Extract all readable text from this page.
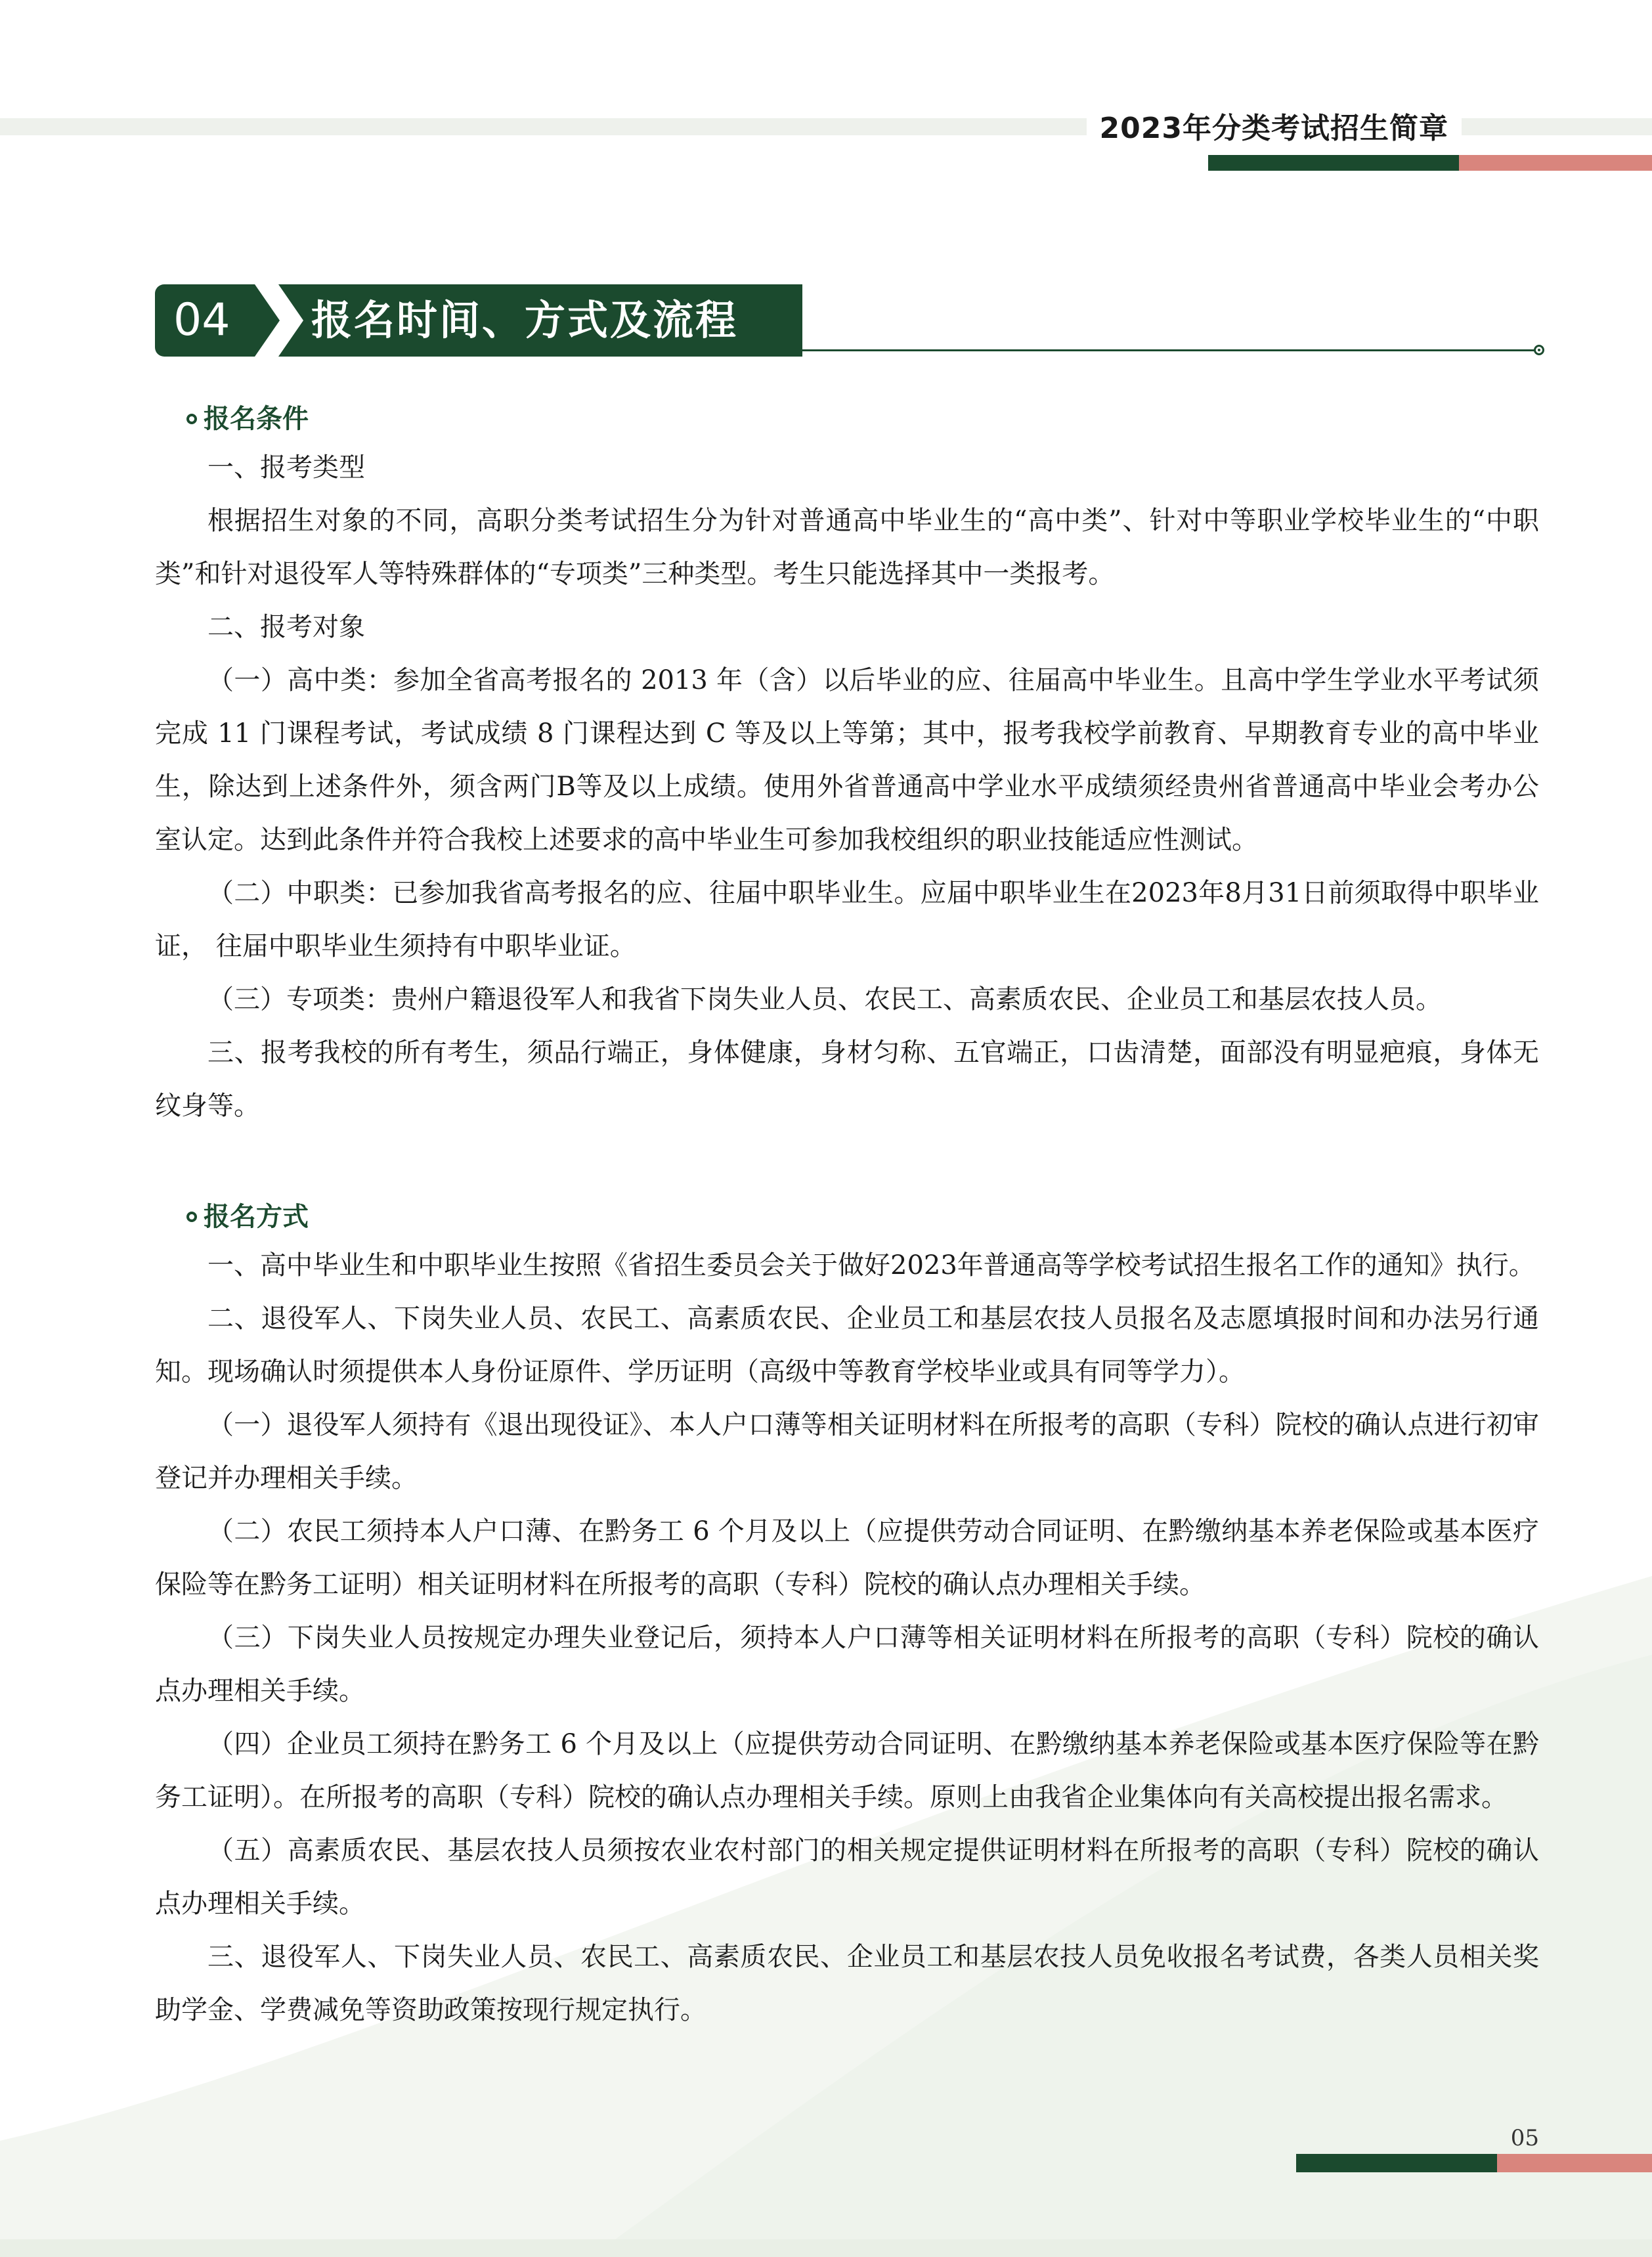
2023年分类考试招生简章
04 报名时间、方式及流程
报名条件

一、报考类型

根据招生对象的不同，高职分类考试招生分为针对普通高中毕业生的“高中类”、针对中等职业学校毕业生的“中职类”和针对退役军人等特殊群体的“专项类”三种类型。考生只能选择其中一类报考。

二、报考对象

（一）高中类：参加全省高考报名的 2013 年（含）以后毕业的应、往届高中毕业生。且高中学生学业水平考试须完成 11 门课程考试，考试成绩 8 门课程达到 C 等及以上等第；其中，报考我校学前教育、早期教育专业的高中毕业生，除达到上述条件外，须含两门B等及以上成绩。使用外省普通高中学业水平成绩须经贵州省普通高中毕业会考办公室认定。达到此条件并符合我校上述要求的高中毕业生可参加我校组织的职业技能适应性测试。

（二）中职类：已参加我省高考报名的应、往届中职毕业生。应届中职毕业生在2023年8月31日前须取得中职毕业证， 往届中职毕业生须持有中职毕业证。

（三）专项类：贵州户籍退役军人和我省下岗失业人员、农民工、高素质农民、企业员工和基层农技人员。

三、报考我校的所有考生，须品行端正，身体健康，身材匀称、五官端正，口齿清楚，面部没有明显疤痕，身体无纹身等。

报名方式

一、高中毕业生和中职毕业生按照《省招生委员会关于做好2023年普通高等学校考试招生报名工作的通知》执行。

二、退役军人、下岗失业人员、农民工、高素质农民、企业员工和基层农技人员报名及志愿填报时间和办法另行通知。现场确认时须提供本人身份证原件、学历证明（高级中等教育学校毕业或具有同等学力）。

（一）退役军人须持有《退出现役证》、本人户口薄等相关证明材料在所报考的高职（专科）院校的确认点进行初审登记并办理相关手续。

（二）农民工须持本人户口薄、在黔务工 6 个月及以上（应提供劳动合同证明、在黔缴纳基本养老保险或基本医疗保险等在黔务工证明）相关证明材料在所报考的高职（专科）院校的确认点办理相关手续。

（三）下岗失业人员按规定办理失业登记后，须持本人户口薄等相关证明材料在所报考的高职（专科）院校的确认点办理相关手续。

（四）企业员工须持在黔务工 6 个月及以上（应提供劳动合同证明、在黔缴纳基本养老保险或基本医疗保险等在黔务工证明）。在所报考的高职（专科）院校的确认点办理相关手续。原则上由我省企业集体向有关高校提出报名需求。

（五）高素质农民、基层农技人员须按农业农村部门的相关规定提供证明材料在所报考的高职（专科）院校的确认点办理相关手续。

三、退役军人、下岗失业人员、农民工、高素质农民、企业员工和基层农技人员免收报名考试费，各类人员相关奖助学金、学费减免等资助政策按现行规定执行。

05
